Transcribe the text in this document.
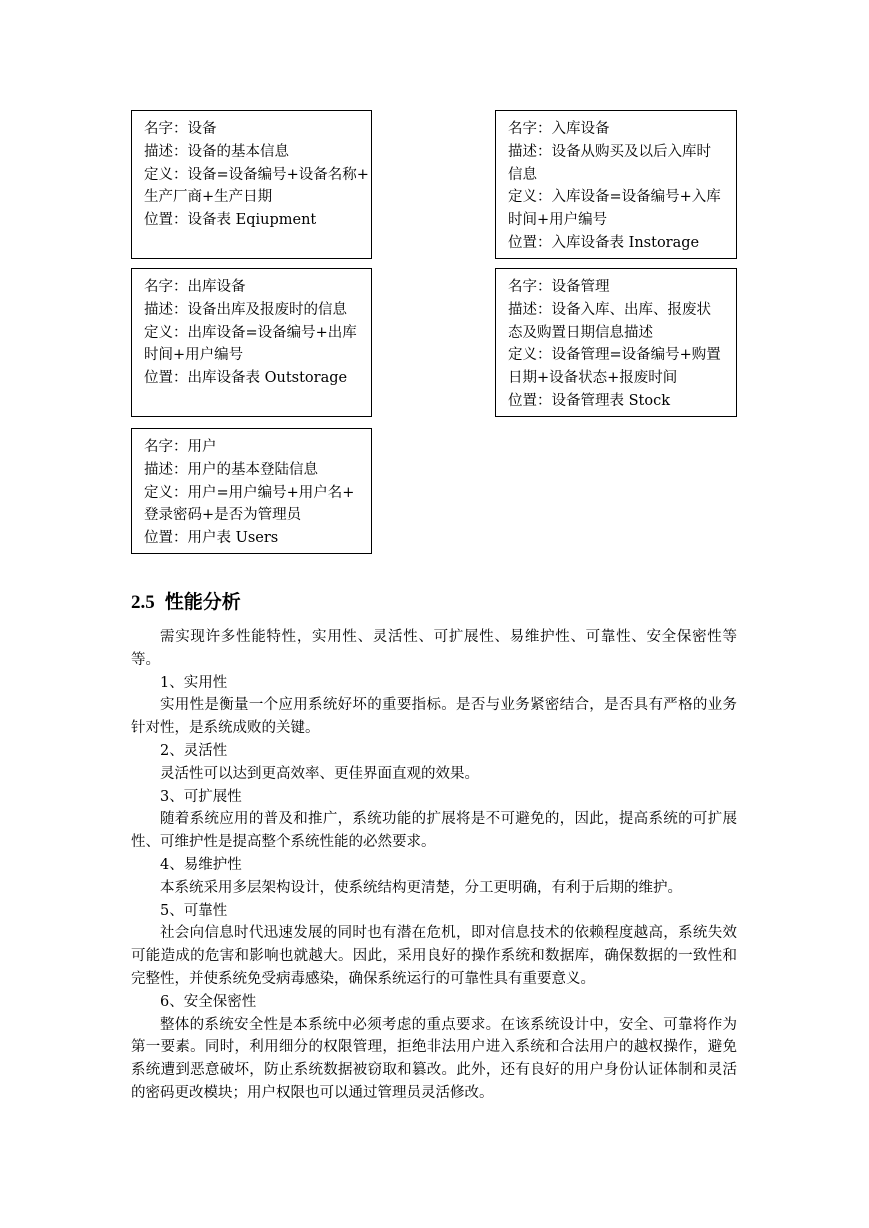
名字：设备
描述：设备的基本信息
定义：设备=设备编号+设备名称+
生产厂商+生产日期
位置：设备表 Eqiupment
名字：入库设备
描述：设备从购买及以后入库时
信息
定义：入库设备=设备编号+入库
时间+用户编号
位置：入库设备表 Instorage
名字：出库设备
描述：设备出库及报废时的信息
定义：出库设备=设备编号+出库
时间+用户编号
位置：出库设备表 Outstorage
名字：设备管理
描述：设备入库、出库、报废状
态及购置日期信息描述
定义：设备管理=设备编号+购置
日期+设备状态+报废时间
位置：设备管理表 Stock
名字：用户
描述：用户的基本登陆信息
定义：用户=用户编号+用户名+
登录密码+是否为管理员
位置：用户表 Users
2.5 性能分析

需实现许多性能特性，实用性、灵活性、可扩展性、易维护性、可靠性、安全保密性等等。

1、实用性

实用性是衡量一个应用系统好坏的重要指标。是否与业务紧密结合，是否具有严格的业务针对性，是系统成败的关键。

2、灵活性

灵活性可以达到更高效率、更佳界面直观的效果。

3、可扩展性

随着系统应用的普及和推广，系统功能的扩展将是不可避免的，因此，提高系统的可扩展性、可维护性是提高整个系统性能的必然要求。

4、易维护性

本系统采用多层架构设计，使系统结构更清楚，分工更明确，有利于后期的维护。

5、可靠性

社会向信息时代迅速发展的同时也有潜在危机，即对信息技术的依赖程度越高，系统失效可能造成的危害和影响也就越大。因此，采用良好的操作系统和数据库，确保数据的一致性和完整性，并使系统免受病毒感染，确保系统运行的可靠性具有重要意义。

6、安全保密性

整体的系统安全性是本系统中必须考虑的重点要求。在该系统设计中，安全、可靠将作为第一要素。同时，利用细分的权限管理，拒绝非法用户进入系统和合法用户的越权操作，避免系统遭到恶意破坏，防止系统数据被窃取和篡改。此外，还有良好的用户身份认证体制和灵活的密码更改模块；用户权限也可以通过管理员灵活修改。
